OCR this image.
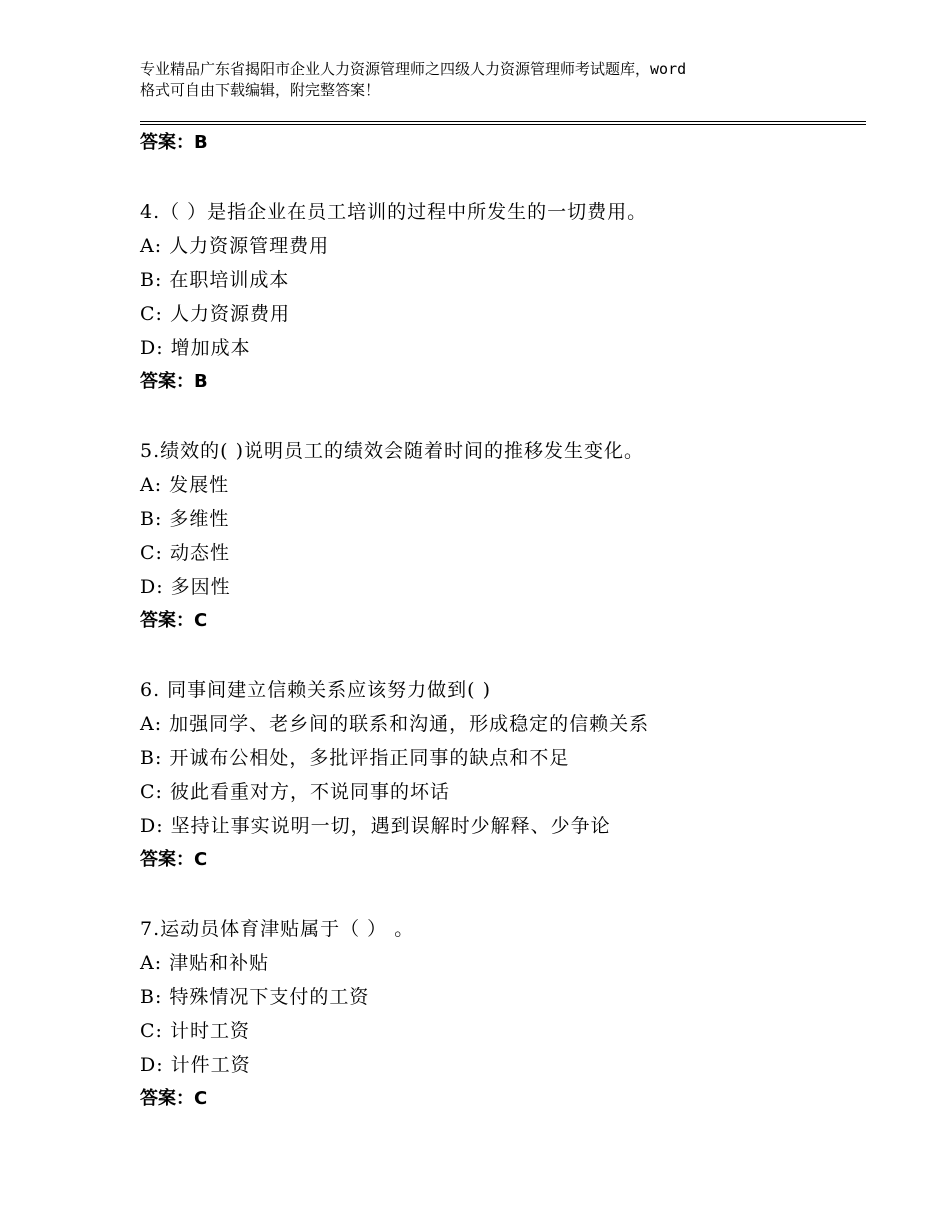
专业精品广东省揭阳市企业人力资源管理师之四级人力资源管理师考试题库，word
格式可自由下载编辑，附完整答案！
答案：B
4.（ ）是指企业在员工培训的过程中所发生的一切费用。
A: 人力资源管理费用
B: 在职培训成本
C: 人力资源费用
D: 增加成本
答案：B
5.绩效的( )说明员工的绩效会随着时间的推移发生变化。
A: 发展性
B: 多维性
C: 动态性
D: 多因性
答案：C
6. 同事间建立信赖关系应该努力做到( )
A: 加强同学、老乡间的联系和沟通，形成稳定的信赖关系
B: 开诚布公相处，多批评指正同事的缺点和不足
C: 彼此看重对方，不说同事的坏话
D: 坚持让事实说明一切，遇到误解时少解释、少争论
答案：C
7.运动员体育津贴属于（ ） 。
A: 津贴和补贴
B: 特殊情况下支付的工资
C: 计时工资
D: 计件工资
答案：C
